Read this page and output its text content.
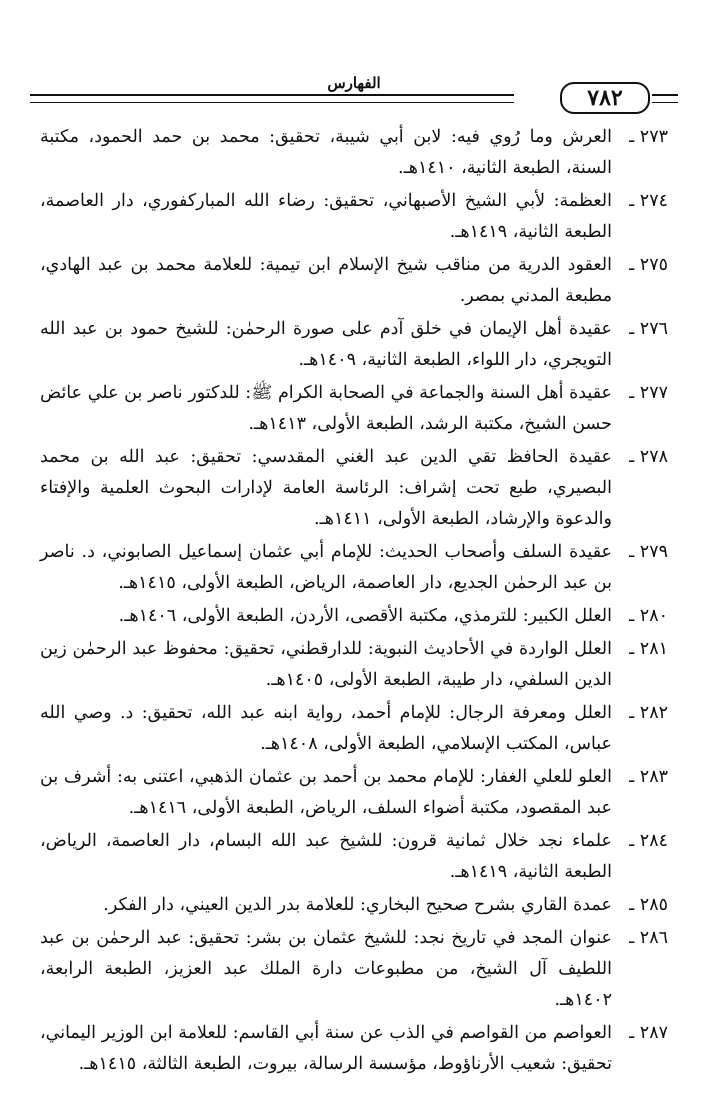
الفهارس
٧٨٢
٢٧٣ ـ
العرش وما رُوي فيه: لابن أبي شيبة، تحقيق: محمد بن حمد الحمود، مكتبة السنة، الطبعة الثانية، ١٤١٠هـ.
٢٧٤ ـ
العظمة: لأبي الشيخ الأصبهاني، تحقيق: رضاء الله المباركفوري، دار العاصمة، الطبعة الثانية، ١٤١٩هـ.
٢٧٥ ـ
العقود الدرية من مناقب شيخ الإسلام ابن تيمية: للعلامة محمد بن عبد الهادي، مطبعة المدني بمصر.
٢٧٦ ـ
عقيدة أهل الإيمان في خلق آدم على صورة الرحمٰن: للشيخ حمود بن عبد الله التويجري، دار اللواء، الطبعة الثانية، ١٤٠٩هـ.
٢٧٧ ـ
عقيدة أهل السنة والجماعة في الصحابة الكرام ﷺ: للدكتور ناصر بن علي عائض حسن الشيخ، مكتبة الرشد، الطبعة الأولى، ١٤١٣هـ.
٢٧٨ ـ
عقيدة الحافظ تقي الدين عبد الغني المقدسي: تحقيق: عبد الله بن محمد البصيري، طبع تحت إشراف: الرئاسة العامة لإدارات البحوث العلمية والإفتاء والدعوة والإرشاد، الطبعة الأولى، ١٤١١هـ.
٢٧٩ ـ
عقيدة السلف وأصحاب الحديث: للإمام أبي عثمان إسماعيل الصابوني، د. ناصر بن عبد الرحمٰن الجديع، دار العاصمة، الرياض، الطبعة الأولى، ١٤١٥هـ.
٢٨٠ ـ
العلل الكبير: للترمذي، مكتبة الأقصى، الأردن، الطبعة الأولى، ١٤٠٦هـ.
٢٨١ ـ
العلل الواردة في الأحاديث النبوية: للدارقطني، تحقيق: محفوظ عبد الرحمٰن زين الدين السلفي، دار طيبة، الطبعة الأولى، ١٤٠٥هـ.
٢٨٢ ـ
العلل ومعرفة الرجال: للإمام أحمد، رواية ابنه عبد الله، تحقيق: د. وصي الله عباس، المكتب الإسلامي، الطبعة الأولى، ١٤٠٨هـ.
٢٨٣ ـ
العلو للعلي الغفار: للإمام محمد بن أحمد بن عثمان الذهبي، اعتنى به: أشرف بن عبد المقصود، مكتبة أضواء السلف، الرياض، الطبعة الأولى، ١٤١٦هـ.
٢٨٤ ـ
علماء نجد خلال ثمانية قرون: للشيخ عبد الله البسام، دار العاصمة، الرياض، الطبعة الثانية، ١٤١٩هـ.
٢٨٥ ـ
عمدة القاري بشرح صحيح البخاري: للعلامة بدر الدين العيني، دار الفكر.
٢٨٦ ـ
عنوان المجد في تاريخ نجد: للشيخ عثمان بن بشر: تحقيق: عبد الرحمٰن بن عبد اللطيف آل الشيخ، من مطبوعات دارة الملك عبد العزيز، الطبعة الرابعة، ١٤٠٢هـ.
٢٨٧ ـ
العواصم من القواصم في الذب عن سنة أبي القاسم: للعلامة ابن الوزير اليماني، تحقيق: شعيب الأرناؤوط، مؤسسة الرسالة، بيروت، الطبعة الثالثة، ١٤١٥هـ.
